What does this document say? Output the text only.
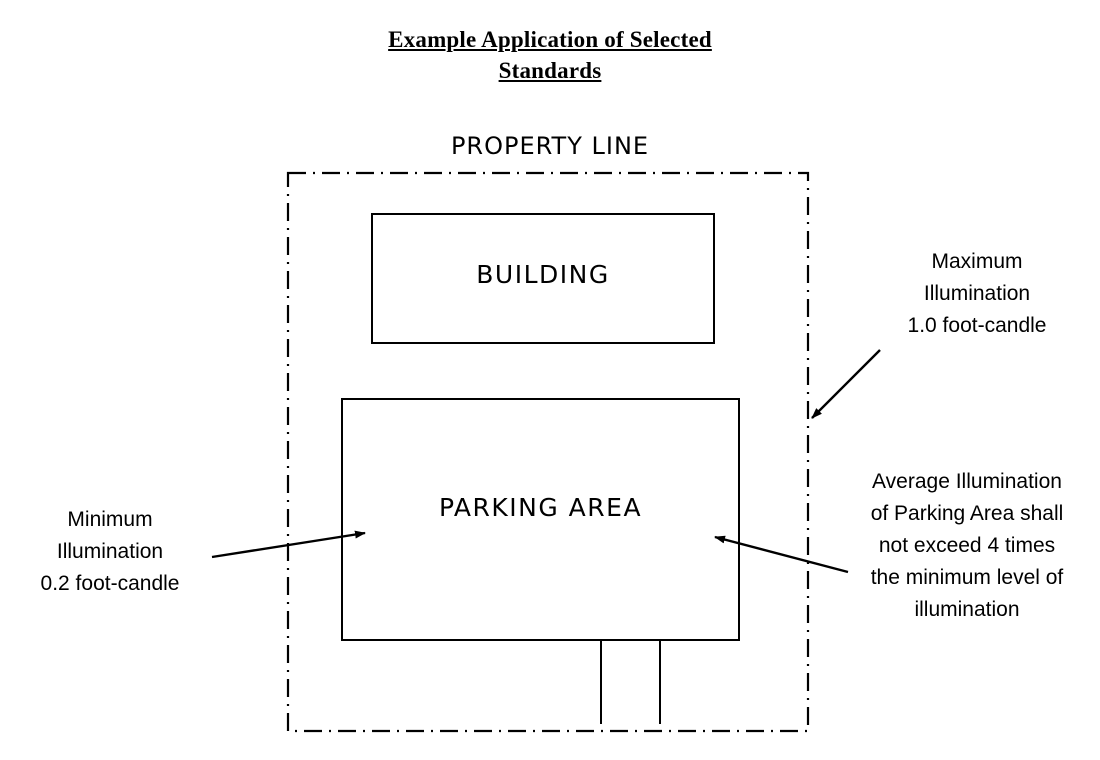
Example Application of Selected
Standards
PROPERTY LINE
BUILDING
PARKING AREA
Maximum
Illumination
1.0 foot-candle
Average Illumination
of Parking Area shall
not exceed 4 times
the minimum level of
illumination
Minimum
Illumination
0.2 foot-candle
